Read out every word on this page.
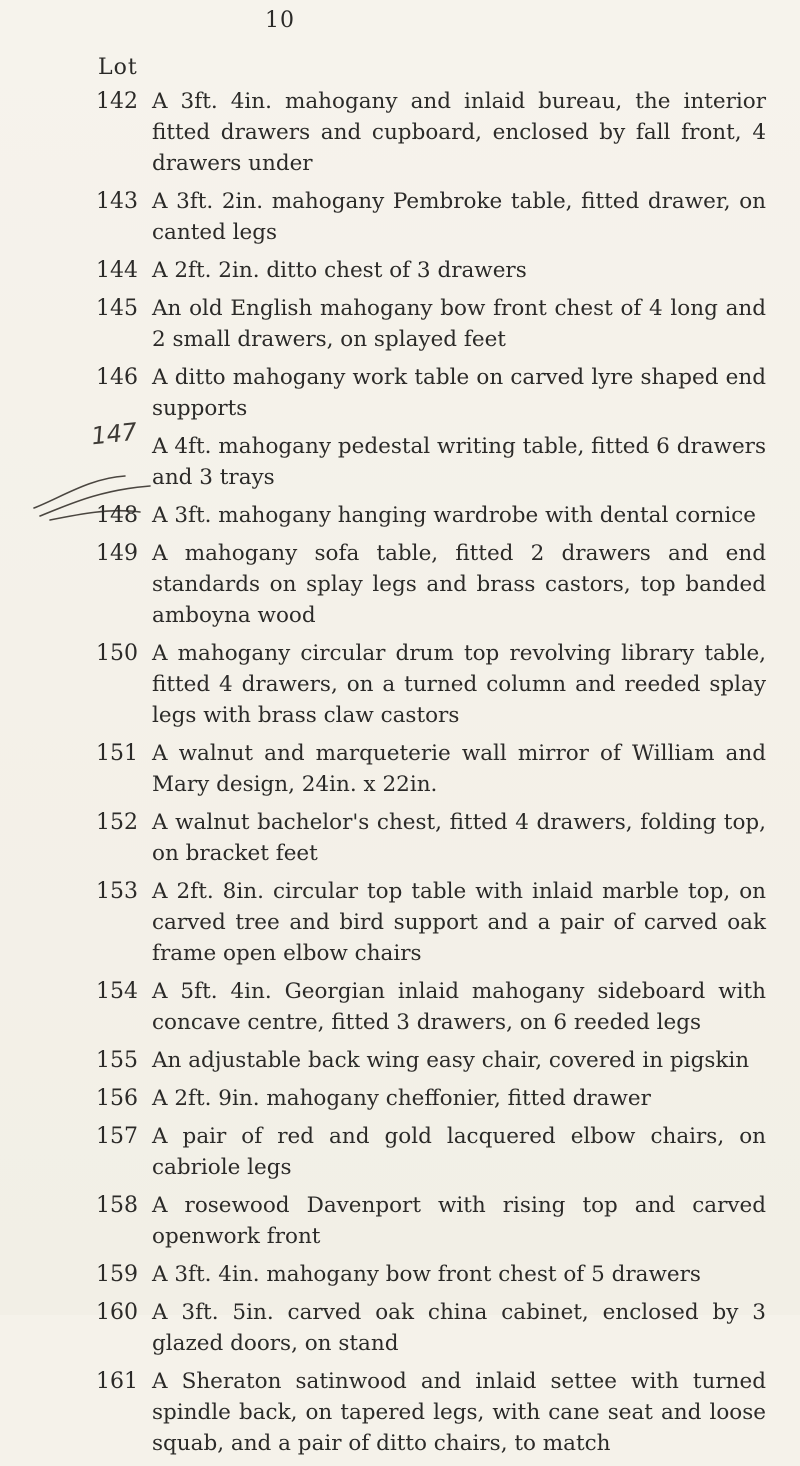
10
Lot
142 A 3ft. 4in. mahogany and inlaid bureau, the interior fitted drawers and cupboard, enclosed by fall front, 4 drawers under
143 A 3ft. 2in. mahogany Pembroke table, fitted drawer, on canted legs
144 A 2ft. 2in. ditto chest of 3 drawers
145 An old English mahogany bow front chest of 4 long and 2 small drawers, on splayed feet
146 A ditto mahogany work table on carved lyre shaped end supports
147 A 4ft. mahogany pedestal writing table, fitted 6 drawers and 3 trays
148 A 3ft. mahogany hanging wardrobe with dental cornice
149 A mahogany sofa table, fitted 2 drawers and end standards on splay legs and brass castors, top banded amboyna wood
150 A mahogany circular drum top revolving library table, fitted 4 drawers, on a turned column and reeded splay legs with brass claw castors
151 A walnut and marqueterie wall mirror of William and Mary design, 24in. x 22in.
152 A walnut bachelor's chest, fitted 4 drawers, folding top, on bracket feet
153 A 2ft. 8in. circular top table with inlaid marble top, on carved tree and bird support and a pair of carved oak frame open elbow chairs
154 A 5ft. 4in. Georgian inlaid mahogany sideboard with concave centre, fitted 3 drawers, on 6 reeded legs
155 An adjustable back wing easy chair, covered in pigskin
156 A 2ft. 9in. mahogany cheffonier, fitted drawer
157 A pair of red and gold lacquered elbow chairs, on cabriole legs
158 A rosewood Davenport with rising top and carved openwork front
159 A 3ft. 4in. mahogany bow front chest of 5 drawers
160 A 3ft. 5in. carved oak china cabinet, enclosed by 3 glazed doors, on stand
161 A Sheraton satinwood and inlaid settee with turned spindle back, on tapered legs, with cane seat and loose squab, and a pair of ditto chairs, to match
